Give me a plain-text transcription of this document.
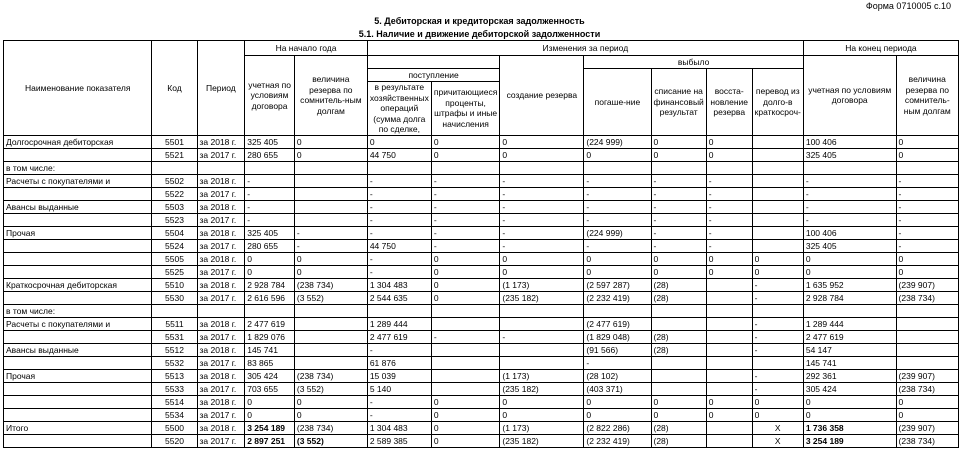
Форма 0710005 с.10
5. Дебиторская и кредиторская задолженность
5.1. Наличие и движение дебиторской задолженности
Наименование показателя	Код	Период	На начало года		Изменения за период							На конец периода	
			учетная по условиям договора	величина резерва по сомнитель-ным долгам			создание резерва	выбыло				учетная по условиям договора	величина резерва по сомнитель-ным долгам
					поступление			погаше-ние	списание на финансовый результат	восста-новление резерва	перевод из долго-в краткосроч-		
					в результате хозяйственных операций (сумма долга по сделке,	причитающиеся проценты, штрафы и иные начисления							
Долгосрочная дебиторская	5501	за 2018 г.	325 405	0	0	0	0	(224 999)	0	0		100 406	0
	5521	за 2017 г.	280 655	0	44 750	0	0	0	0	0		325 405	0
в том числе:													
Расчеты с покупателями и	5502	за 2018 г.	-		-	-	-	-	-	-		-	-
	5522	за 2017 г.	-		-	-	-	-	-	-		-	-
Авансы выданные	5503	за 2018 г.	-		-	-	-	-	-	-		-	-
	5523	за 2017 г.	-		-	-	-	-	-	-		-	-
Прочая	5504	за 2018 г.	325 405	-	-	-	-	(224 999)	-	-		100 406	-
	5524	за 2017 г.	280 655	-	44 750	-	-	-	-	-		325 405	-
	5505	за 2018 г.	0	0	-	0	0	0	0	0	0	0	0
	5525	за 2017 г.	0	0	-	0	0	0	0	0	0	0	0
Краткосрочная дебиторская	5510	за 2018 г.	2 928 784	(238 734)	1 304 483	0	(1 173)	(2 597 287)	(28)		-	1 635 952	(239 907)
	5530	за 2017 г.	2 616 596	(3 552)	2 544 635	0	(235 182)	(2 232 419)	(28)		-	2 928 784	(238 734)
в том числе:													
Расчеты с покупателями и	5511	за 2018 г.	2 477 619		1 289 444			(2 477 619)			-	1 289 444	
	5531	за 2017 г.	1 829 076		2 477 619	-	-	(1 829 048)	(28)		-	2 477 619	
Авансы выданные	5512	за 2018 г.	145 741		-			(91 566)	(28)		-	54 147	
	5532	за 2017 г.	83 865		61 876			-				145 741	
Прочая	5513	за 2018 г.	305 424	(238 734)	15 039		(1 173)	(28 102)			-	292 361	(239 907)
	5533	за 2017 г.	703 655	(3 552)	5 140		(235 182)	(403 371)			-	305 424	(238 734)
	5514	за 2018 г.	0	0	-	0	0	0	0	0	0	0	0
	5534	за 2017 г.	0	0	-	0	0	0	0	0	0	0	0
Итого	5500	за 2018 г.	3 254 189	(238 734)	1 304 483	0	(1 173)	(2 822 286)	(28)		X	1 736 358	(239 907)
	5520	за 2017 г.	2 897 251	(3 552)	2 589 385	0	(235 182)	(2 232 419)	(28)		X	3 254 189	(238 734)
